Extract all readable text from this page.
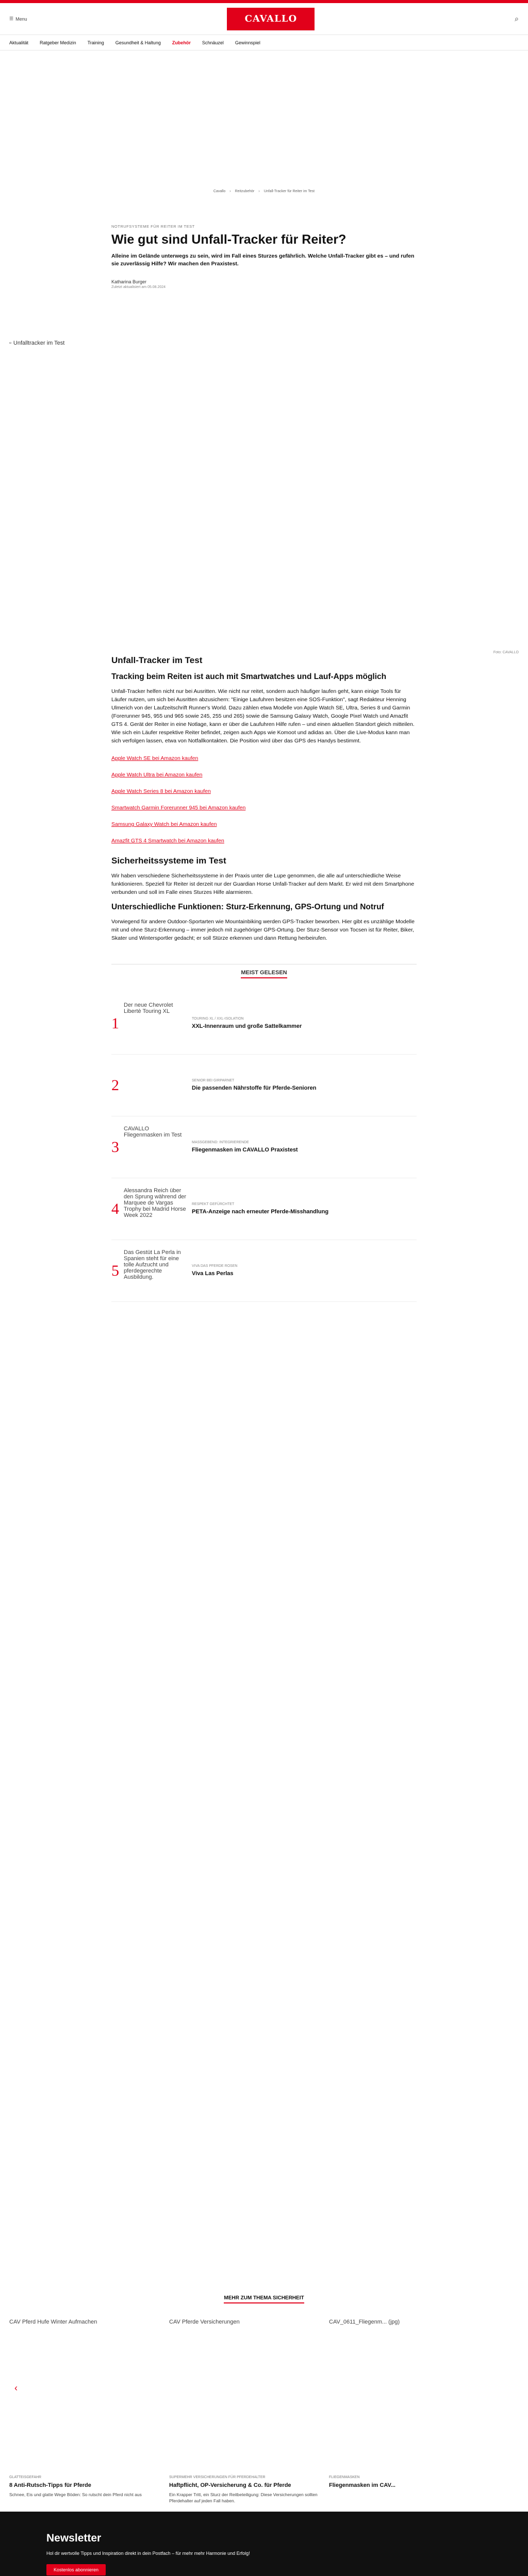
☰ Menu	CAVALLO	⌕
Aktualität Ratgeber Medizin Training Gesundheit & Haltung Zubehör Schnäuzel Gewinnspiel
Cavallo › Reitzubehör › Unfall-Tracker für Reiter im Test
NOTRUFSYSTEME FÜR REITER IM TEST
Wie gut sind Unfall-Tracker für Reiter?
Alleine im Gelände unterwegs zu sein, wird im Fall eines Sturzes gefährlich. Welche Unfall-Tracker gibt es – und rufen sie zuverlässig Hilfe? Wir machen den Praxistest.
Katharina Burger
Zuletzt aktualisiert am 05.08.2024
Unfall-Tracker im Test
Tracking beim Reiten ist auch mit Smartwatches und Lauf-Apps möglich

Unfall-Tracker helfen nicht nur bei Ausritten. Wie nicht nur reitet, sondern auch häufiger laufen geht, kann einige Tools für Läufer nutzen, um sich bei Ausritten abzusichern: "Einige Laufuhren besitzen eine SOS-Funktion", sagt Redakteur Henning Ulmerich von der Laufzeitschrift Runner's World. Dazu zählen etwa Modelle von Apple Watch SE, Ultra, Series 8 und Garmin (Forerunner 945, 955 und 965 sowie 245, 255 und 265) sowie die Samsung Galaxy Watch, Google Pixel Watch und Amazfit GTS 4. Gerät der Reiter in eine Notlage, kann er über die Laufuhren Hilfe rufen – und einen aktuellen Standort gleich mitteilen. Wie sich ein Läufer respektive Reiter befindet, zeigen auch Apps wie Komoot und adidas an. Über die Live-Modus kann man sich verfolgen lassen, etwa von Notfallkontakten. Die Position wird über das GPS des Handys bestimmt.

Apple Watch SE bei Amazon kaufen
Apple Watch Ultra bei Amazon kaufen
Apple Watch Series 8 bei Amazon kaufen
Smartwatch Garmin Forerunner 945 bei Amazon kaufen
Samsung Galaxy Watch bei Amazon kaufen
Amazfit GTS 4 Smartwatch bei Amazon kaufen
Sicherheitssysteme im Test

Wir haben verschiedene Sicherheitssysteme in der Praxis unter die Lupe genommen, die alle auf unterschiedliche Weise funktionieren. Speziell für Reiter ist derzeit nur der Guardian Horse Unfall-Tracker auf dem Markt. Er wird mit dem Smartphone verbunden und soll im Falle eines Sturzes Hilfe alarmieren.

Unterschiedliche Funktionen: Sturz-Erkennung, GPS-Ortung und Notruf

Vorwiegend für andere Outdoor-Sportarten wie Mountainbiking werden GPS-Tracker beworben. Hier gibt es unzählige Modelle mit und ohne Sturz-Erkennung – immer jedoch mit zugehöriger GPS-Ortung. Der Sturz-Sensor von Tocsen ist für Reiter, Biker, Skater und Wintersportler gedacht; er soll Stürze erkennen und dann Rettung herbeirufen.

MEIST GELESEN
1
Der neue Chevrolet Libertè Touring XL
TOURING XL / XXL-ISOLATION
XXL-Innenraum und große Sattelkammer
2	SENIOR BEI GIRPARNET
Die passenden Nährstoffe für Pferde-Senioren
3
CAVALLO Fliegenmasken im Test
MASSGEBEND: INTEGRIERENDE
Fliegenmasken im CAVALLO Praxistest
4
Alessandra Reich über den Sprung während der Marquee de Vargas Trophy bei Madrid Horse Week 2022
RESPEKT GEFÜRCHTET
PETA-Anzeige nach erneuter Pferde-Misshandlung
5
Das Gestüt La Perla in Spanien steht für eine tolle Aufzucht und pferdegerechte Ausbildung.
VIVA DAS PFERDE ROSEN
Viva Las Perlas
▫ Unfalltracker im Test
Foto: CAVALLO
MEHR ZUM THEMA SICHERHEIT
CAV Pferd Hufe Winter Aufmachen
GLATTEISGEFAHR
8 Anti-Rutsch-Tipps für Pferde
Schnee, Eis und glatte Wege Böden: So rutscht dein Pferd nicht aus
CAV Pferde Versicherungen
SUPERMEHR VERSICHERUNGEN FÜR PFERDEHALTER
Haftpflicht, OP-Versicherung & Co. für Pferde
Ein Krapper Tritt, ein Sturz der Reitbeteiligung: Diese Versicherungen sollten Pferdehalter auf jeden Fall haben.
CAV_0611_Fliegenm... (jpg)
FLIEGENMASKEN
Fliegenmasken im CAV...
‹
Newsletter
Hol dir wertvolle Tipps und Inspiration direkt in dein Postfach – für mehr mehr Harmonie und Erfolg!
Kostenlos abonnieren
